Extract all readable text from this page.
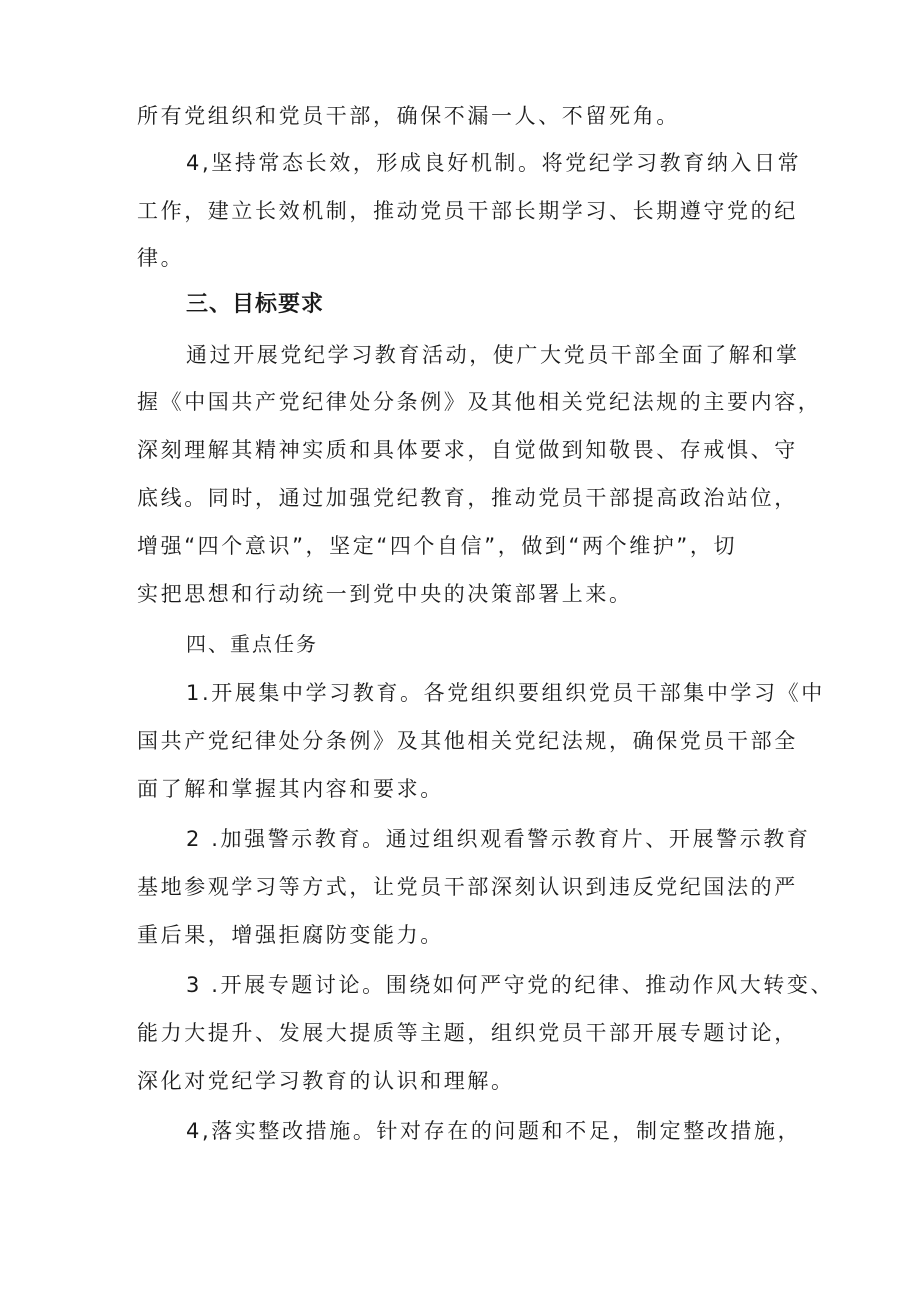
所有党组织和党员干部，确保不漏一人、不留死角。
4,坚持常态长效，形成良好机制。将党纪学习教育纳入日常
工作，建立长效机制，推动党员干部长期学习、长期遵守党的纪
律。
三、目标要求
通过开展党纪学习教育活动，使广大党员干部全面了解和掌
握《中国共产党纪律处分条例》及其他相关党纪法规的主要内容，
深刻理解其精神实质和具体要求，自觉做到知敬畏、存戒惧、守
底线。同时，通过加强党纪教育，推动党员干部提高政治站位，
增强“四个意识”，坚定“四个自信”，做到“两个维护”，切
实把思想和行动统一到党中央的决策部署上来。
四、重点任务
1.开展集中学习教育。各党组织要组织党员干部集中学习《中
国共产党纪律处分条例》及其他相关党纪法规，确保党员干部全
面了解和掌握其内容和要求。
2 .加强警示教育。通过组织观看警示教育片、开展警示教育
基地参观学习等方式，让党员干部深刻认识到违反党纪国法的严
重后果，增强拒腐防变能力。
3 .开展专题讨论。围绕如何严守党的纪律、推动作风大转变、
能力大提升、发展大提质等主题，组织党员干部开展专题讨论，
深化对党纪学习教育的认识和理解。
4,落实整改措施。针对存在的问题和不足，制定整改措施，
